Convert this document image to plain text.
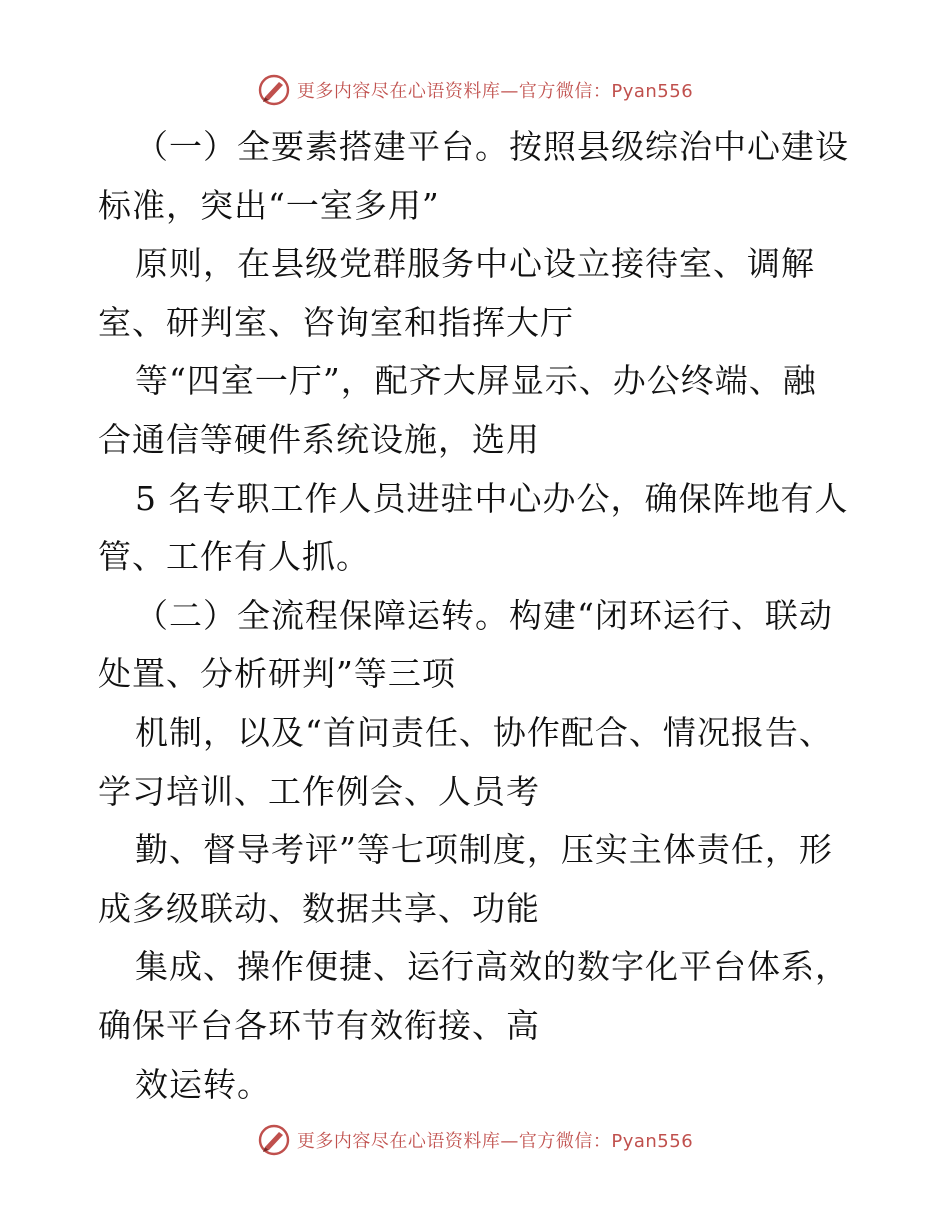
更多内容尽在心语资料库—官方微信：Pyan556
（一）全要素搭建平台。按照县级综治中心建设
标准，突出“一室多用”
原则，在县级党群服务中心设立接待室、调解
室、研判室、咨询室和指挥大厅
等“四室一厅”，配齐大屏显示、办公终端、融
合通信等硬件系统设施，选用
5 名专职工作人员进驻中心办公，确保阵地有人
管、工作有人抓。
（二）全流程保障运转。构建“闭环运行、联动
处置、分析研判”等三项
机制，以及“首问责任、协作配合、情况报告、
学习培训、工作例会、人员考
勤、督导考评”等七项制度，压实主体责任，形
成多级联动、数据共享、功能
集成、操作便捷、运行高效的数字化平台体系，
确保平台各环节有效衔接、高
效运转。
更多内容尽在心语资料库—官方微信：Pyan556
